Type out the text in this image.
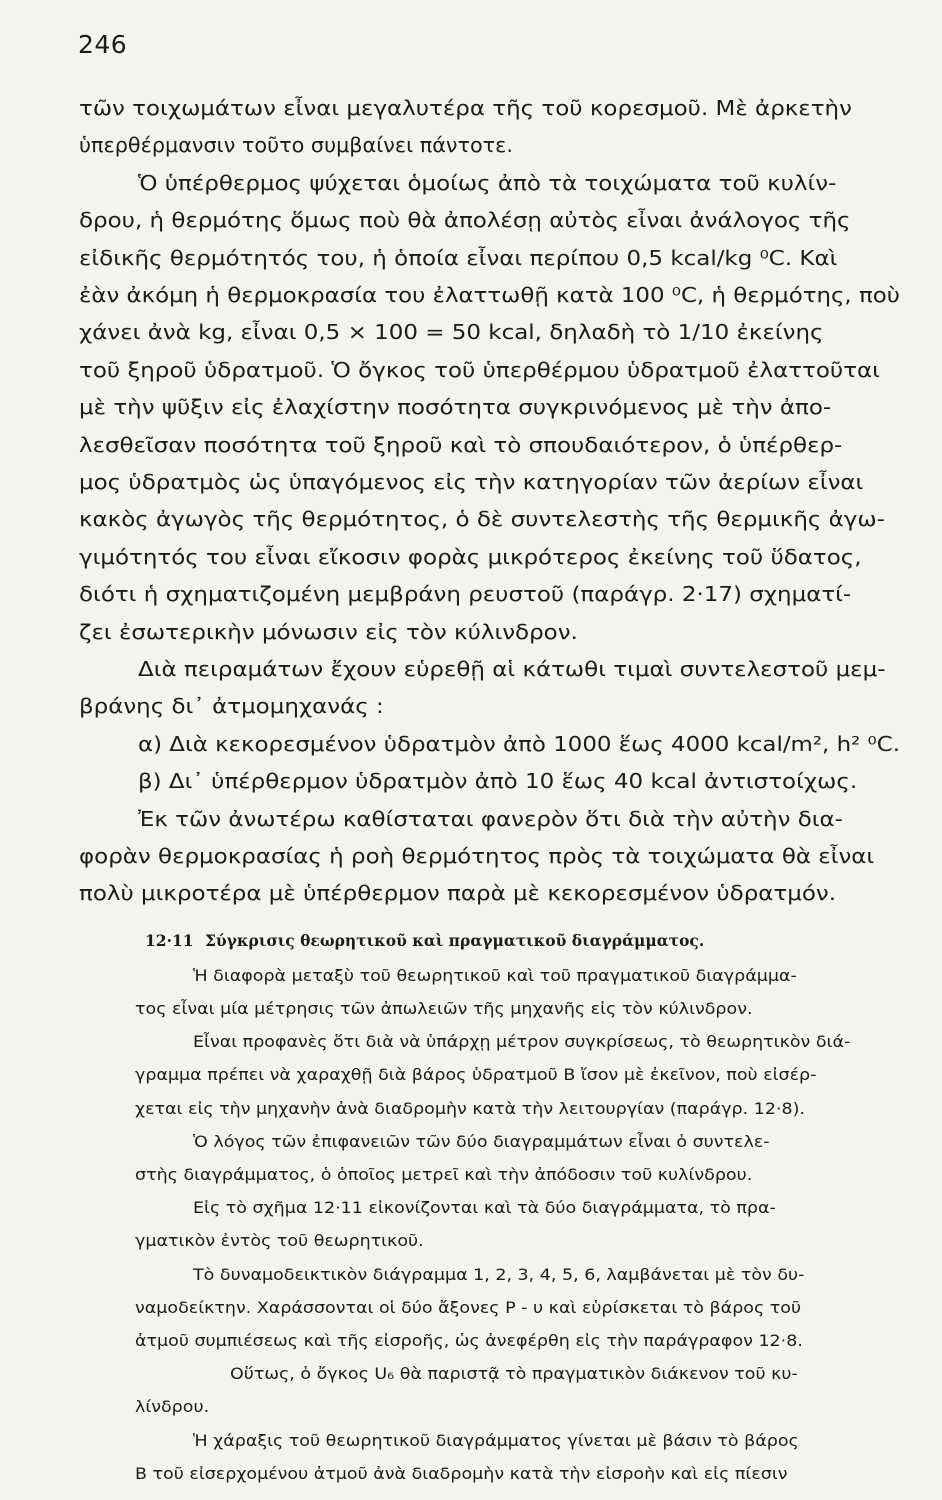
246
τῶν τοιχωμάτων εἶναι μεγαλυτέρα τῆς τοῦ κορεσμοῦ. Μὲ ἀρκετὴν
ὑπερθέρμανσιν τοῦτο συμβαίνει πάντοτε.
Ὁ ὑπέρθερμος ψύχεται ὁμοίως ἀπὸ τὰ τοιχώματα τοῦ κυλίν-
δρου, ἡ θερμότης ὅμως ποὺ θὰ ἀπολέσῃ αὐτὸς εἶναι ἀνάλογος τῆς
εἰδικῆς θερμότητός του, ἡ ὁποία εἶναι περίπου 0,5 kcal/kg ⁰C. Καὶ
ἐὰν ἀκόμη ἡ θερμοκρασία του ἐλαττωθῇ κατὰ 100 ⁰C, ἡ θερμότης, ποὺ
χάνει ἀνὰ kg, εἶναι 0,5 × 100 = 50 kcal, δηλαδὴ τὸ 1/10 ἐκείνης
τοῦ ξηροῦ ὑδρατμοῦ. Ὁ ὄγκος τοῦ ὑπερθέρμου ὑδρατμοῦ ἐλαττοῦται
μὲ τὴν ψῦξιν εἰς ἐλαχίστην ποσότητα συγκρινόμενος μὲ τὴν ἀπο-
λεσθεῖσαν ποσότητα τοῦ ξηροῦ καὶ τὸ σπουδαιότερον, ὁ ὑπέρθερ-
μος ὑδρατμὸς ὡς ὑπαγόμενος εἰς τὴν κατηγορίαν τῶν ἀερίων εἶναι
κακὸς ἀγωγὸς τῆς θερμότητος, ὁ δὲ συντελεστὴς τῆς θερμικῆς ἀγω-
γιμότητός του εἶναι εἴκοσιν φορὰς μικρότερος ἐκείνης τοῦ ὕδατος,
διότι ἡ σχηματιζομένη μεμβράνη ρευστοῦ (παράγρ. 2·17) σχηματί-
ζει ἐσωτερικὴν μόνωσιν εἰς τὸν κύλινδρον.
Διὰ πειραμάτων ἔχουν εὑρεθῇ αἱ κάτωθι τιμαὶ συντελεστοῦ μεμ-
βράνης δι᾽ ἀτμομηχανάς :
α) Διὰ κεκορεσμένον ὑδρατμὸν ἀπὸ 1000 ἕως 4000 kcal/m², h² ⁰C.
β) Δι᾽ ὑπέρθερμον ὑδρατμὸν ἀπὸ 10 ἕως 40 kcal ἀντιστοίχως.
Ἐκ τῶν ἀνωτέρω καθίσταται φανερὸν ὅτι διὰ τὴν αὐτὴν δια-
φορὰν θερμοκρασίας ἡ ροὴ θερμότητος πρὸς τὰ τοιχώματα θὰ εἶναι
πολὺ μικροτέρα μὲ ὑπέρθερμον παρὰ μὲ κεκορεσμένον ὑδρατμόν.
12·11 Σύγκρισις θεωρητικοῦ καὶ πραγματικοῦ διαγράμματος.
Ἡ διαφορὰ μεταξὺ τοῦ θεωρητικοῦ καὶ τοῦ πραγματικοῦ διαγράμμα-
τος εἶναι μία μέτρησις τῶν ἀπωλειῶν τῆς μηχανῆς εἰς τὸν κύλινδρον.
Εἶναι προφανὲς ὅτι διὰ νὰ ὑπάρχῃ μέτρον συγκρίσεως, τὸ θεωρητικὸν διά-
γραμμα πρέπει νὰ χαραχθῇ διὰ βάρος ὑδρατμοῦ Β ἴσον μὲ ἐκεῖνον, ποὺ εἰσέρ-
χεται εἰς τὴν μηχανὴν ἀνὰ διαδρομὴν κατὰ τὴν λειτουργίαν (παράγρ. 12·8).
Ὁ λόγος τῶν ἐπιφανειῶν τῶν δύο διαγραμμάτων εἶναι ὁ συντελε-
στὴς διαγράμματος, ὁ ὁποῖος μετρεῖ καὶ τὴν ἀπόδοσιν τοῦ κυλίνδρου.
Εἰς τὸ σχῆμα 12·11 εἰκονίζονται καὶ τὰ δύο διαγράμματα, τὸ πρα-
γματικὸν ἐντὸς τοῦ θεωρητικοῦ.
Τὸ δυναμοδεικτικὸν διάγραμμα 1, 2, 3, 4, 5, 6, λαμβάνεται μὲ τὸν δυ-
ναμοδείκτην. Χαράσσονται οἱ δύο ἄξονες P - υ καὶ εὑρίσκεται τὸ βάρος τοῦ
ἀτμοῦ συμπιέσεως καὶ τῆς εἰσροῆς, ὡς ἀνεφέρθη εἰς τὴν παράγραφον 12·8.
Οὕτως, ὁ ὄγκος U₆ θὰ παριστᾷ τὸ πραγματικὸν διάκενον τοῦ κυ-
λίνδρου.
Ἡ χάραξις τοῦ θεωρητικοῦ διαγράμματος γίνεται μὲ βάσιν τὸ βάρος
Β τοῦ εἰσερχομένου ἀτμοῦ ἀνὰ διαδρομὴν κατὰ τὴν εἰσροὴν καὶ εἰς πίεσιν
